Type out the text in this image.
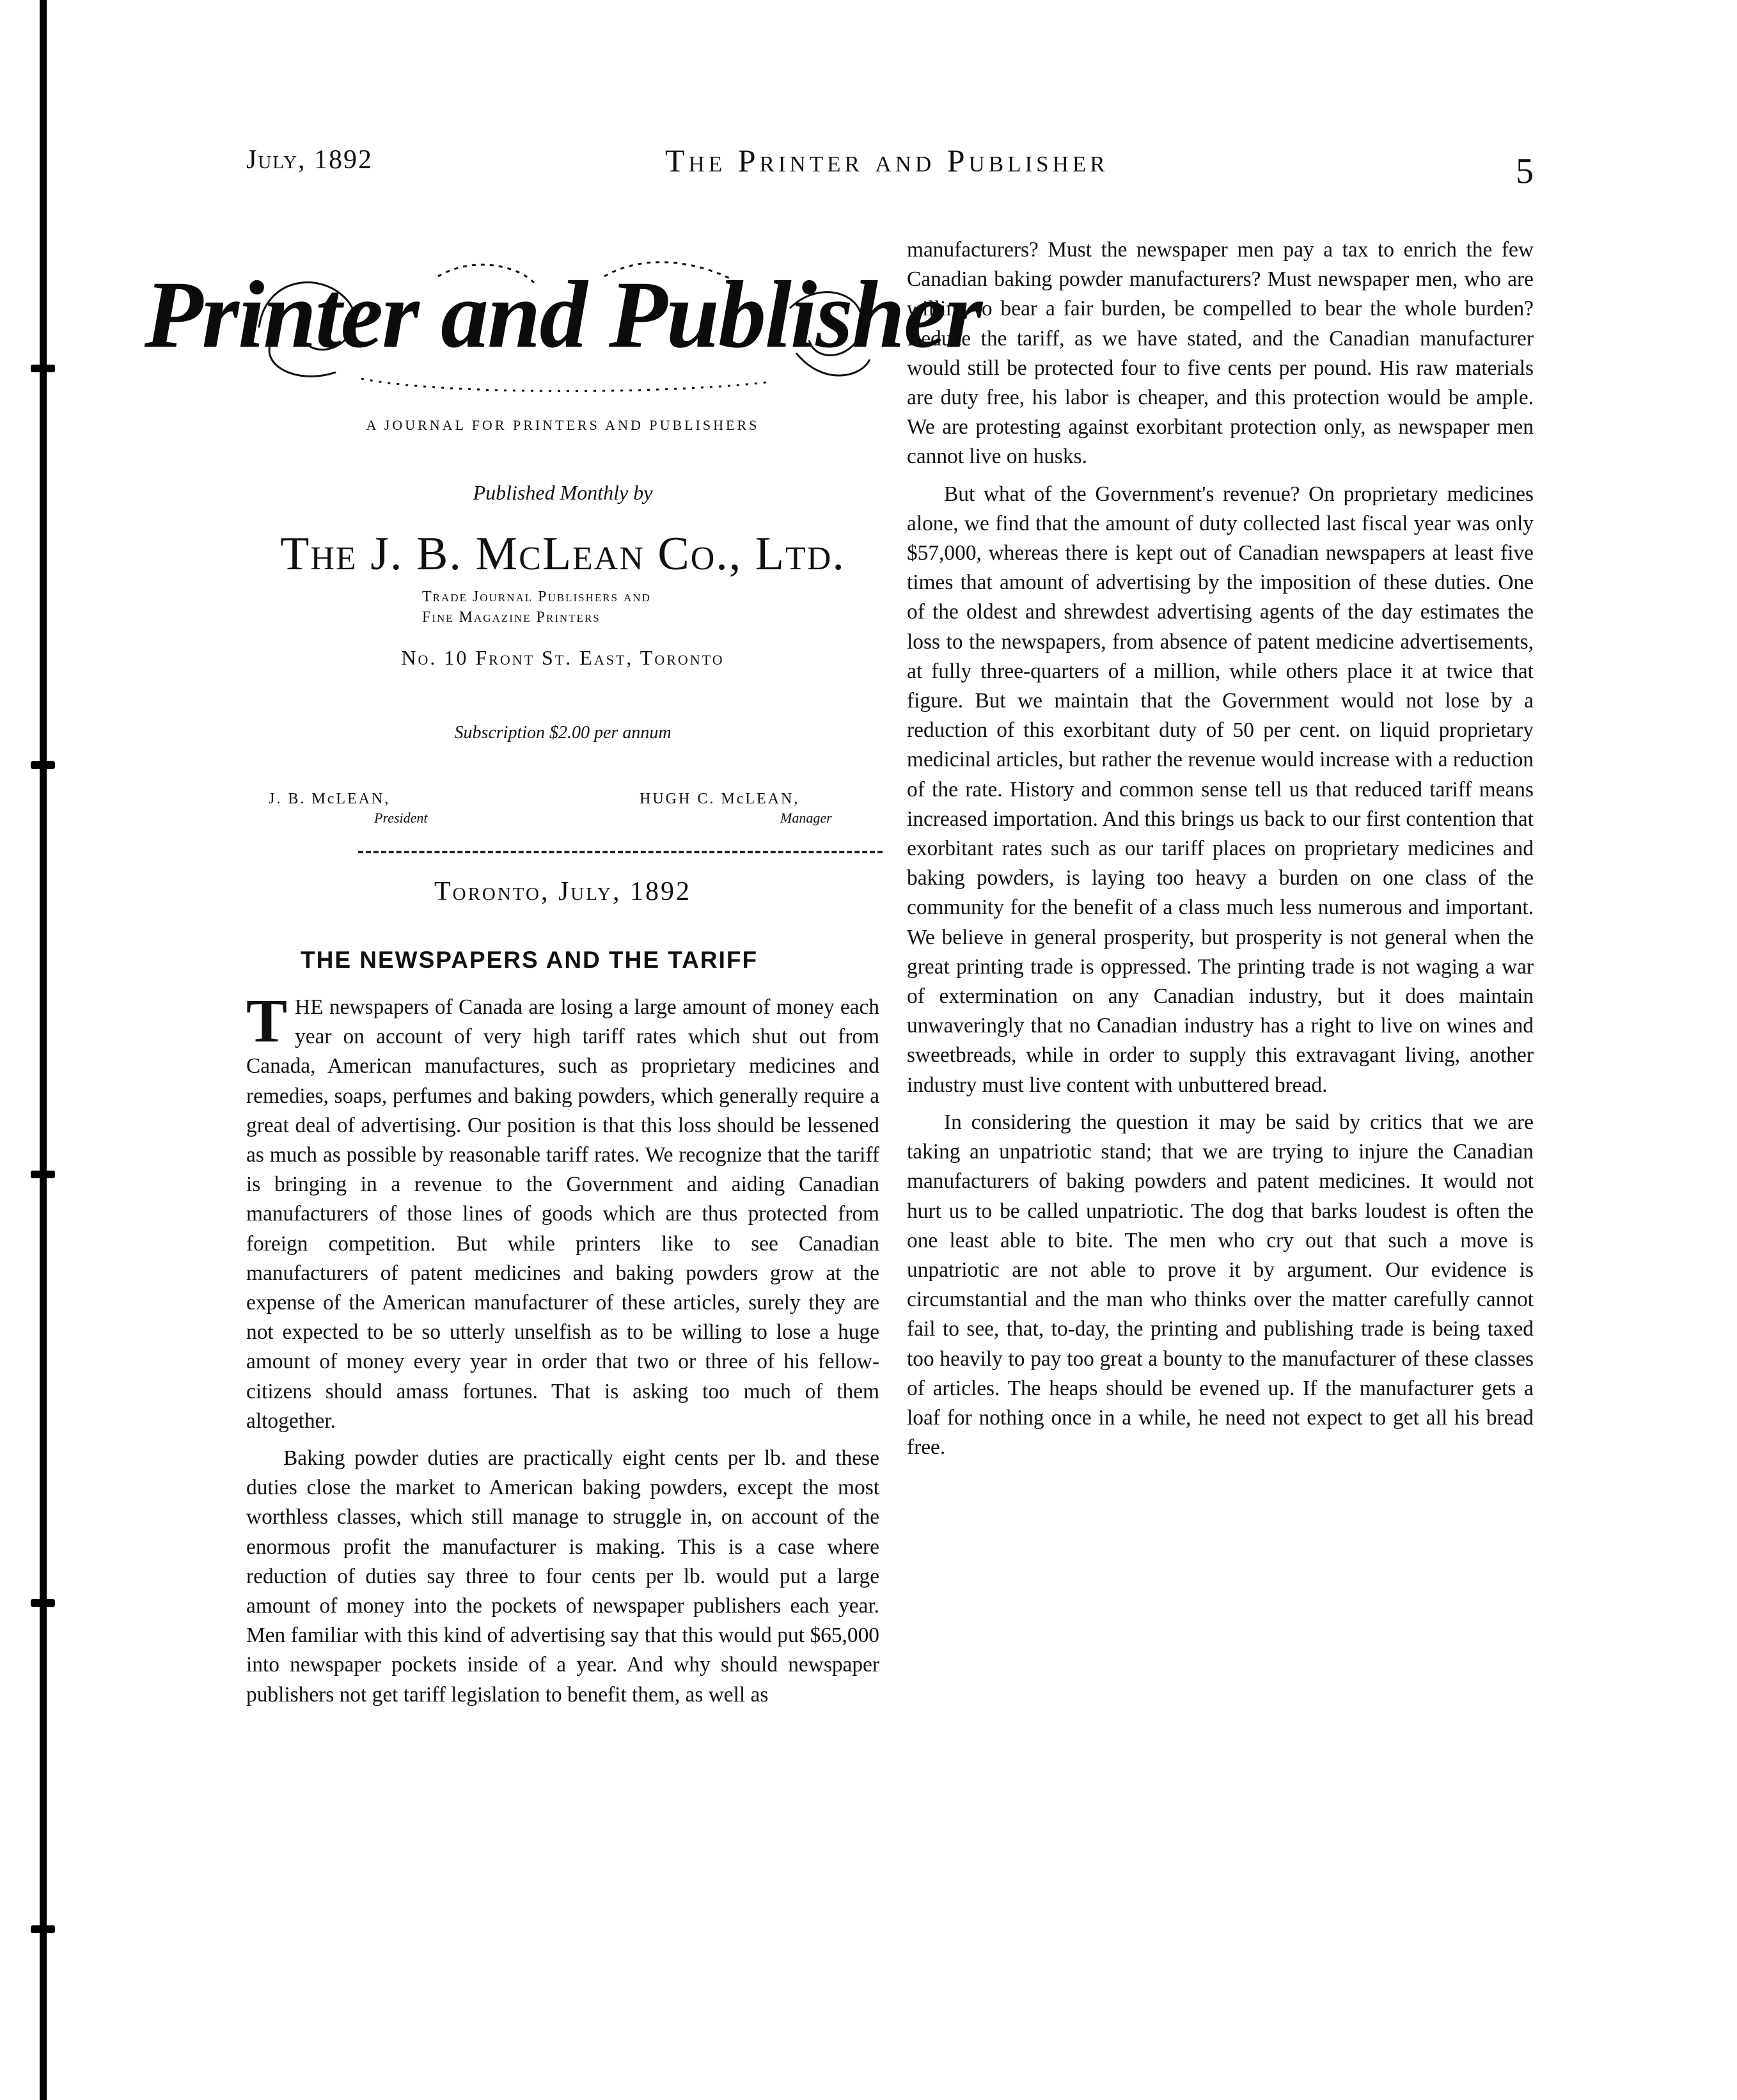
July, 1892	The Printer and Publisher	5
Printer and Publisher
A JOURNAL FOR PRINTERS AND PUBLISHERS
Published Monthly by
The J. B. McLean Co., Ltd.
Trade Journal Publishers and
Fine Magazine Printers
No. 10 Front St. East, Toronto
Subscription $2.00 per annum
J. B. McLEAN,
President
HUGH C. McLEAN,
Manager
Toronto, July, 1892
THE NEWSPAPERS AND THE TARIFF

THE newspapers of Canada are losing a large amount of money each year on account of very high tariff rates which shut out from Canada, American manufactures, such as proprietary medicines and remedies, soaps, perfumes and baking powders, which generally require a great deal of advertising. Our position is that this loss should be lessened as much as possible by reasonable tariff rates. We recognize that the tariff is bringing in a revenue to the Government and aiding Canadian manufacturers of those lines of goods which are thus protected from foreign competition. But while printers like to see Canadian manufacturers of patent medicines and baking powders grow at the expense of the American manufacturer of these articles, surely they are not expected to be so utterly unselfish as to be willing to lose a huge amount of money every year in order that two or three of his fellow-citizens should amass fortunes. That is asking too much of them altogether.

Baking powder duties are practically eight cents per lb. and these duties close the market to American baking powders, except the most worthless classes, which still manage to struggle in, on account of the enormous profit the manufacturer is making. This is a case where reduction of duties say three to four cents per lb. would put a large amount of money into the pockets of newspaper publishers each year. Men familiar with this kind of advertising say that this would put $65,000 into newspaper pockets inside of a year. And why should newspaper publishers not get tariff legislation to benefit them, as well as

manufacturers? Must the newspaper men pay a tax to enrich the few Canadian baking powder manufacturers? Must newspaper men, who are willing to bear a fair burden, be compelled to bear the whole burden? Reduce the tariff, as we have stated, and the Canadian manufacturer would still be protected four to five cents per pound. His raw materials are duty free, his labor is cheaper, and this protection would be ample. We are protesting against exorbitant protection only, as newspaper men cannot live on husks.

But what of the Government's revenue? On proprietary medicines alone, we find that the amount of duty collected last fiscal year was only $57,000, whereas there is kept out of Canadian newspapers at least five times that amount of advertising by the imposition of these duties. One of the oldest and shrewdest advertising agents of the day estimates the loss to the newspapers, from absence of patent medicine advertisements, at fully three-quarters of a million, while others place it at twice that figure. But we maintain that the Government would not lose by a reduction of this exorbitant duty of 50 per cent. on liquid proprietary medicinal articles, but rather the revenue would increase with a reduction of the rate. History and common sense tell us that reduced tariff means increased importation. And this brings us back to our first contention that exorbitant rates such as our tariff places on proprietary medicines and baking powders, is laying too heavy a burden on one class of the community for the benefit of a class much less numerous and important. We believe in general prosperity, but prosperity is not general when the great printing trade is oppressed. The printing trade is not waging a war of extermination on any Canadian industry, but it does maintain unwaveringly that no Canadian industry has a right to live on wines and sweetbreads, while in order to supply this extravagant living, another industry must live content with unbuttered bread.

In considering the question it may be said by critics that we are taking an unpatriotic stand; that we are trying to injure the Canadian manufacturers of baking powders and patent medicines. It would not hurt us to be called unpatriotic. The dog that barks loudest is often the one least able to bite. The men who cry out that such a move is unpatriotic are not able to prove it by argument. Our evidence is circumstantial and the man who thinks over the matter carefully cannot fail to see, that, to-day, the printing and publishing trade is being taxed too heavily to pay too great a bounty to the manufacturer of these classes of articles. The heaps should be evened up. If the manufacturer gets a loaf for nothing once in a while, he need not expect to get all his bread free.
